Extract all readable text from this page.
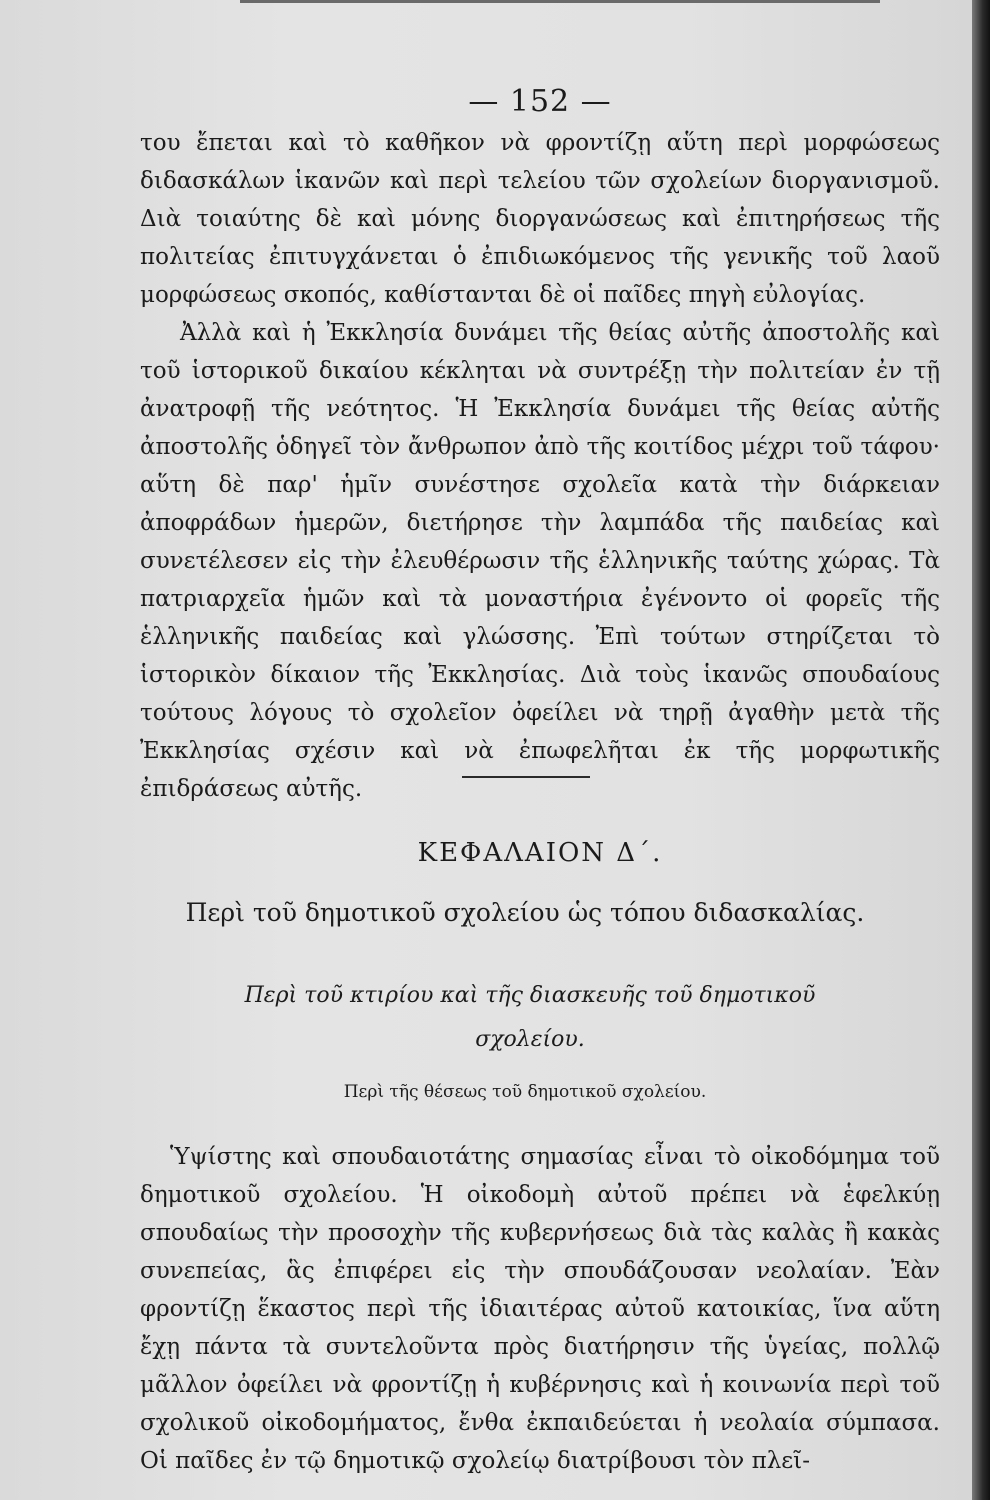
— 152 —
του ἔπεται καὶ τὸ καθῆκον νὰ φροντίζῃ αὕτη περὶ μορφώσεως διδασκάλων ἱκανῶν καὶ περὶ τελείου τῶν σχολείων διοργανισμοῦ. Διὰ τοιαύτης δὲ καὶ μόνης διοργανώσεως καὶ ἐπιτηρήσεως τῆς πολιτείας ἐπιτυγχάνεται ὁ ἐπιδιωκόμενος τῆς γενικῆς τοῦ λαοῦ μορφώσεως σκοπός, καθίστανται δὲ οἱ παῖδες πηγὴ εὐλογίας.
Ἀλλὰ καὶ ἡ Ἐκκλησία δυνάμει τῆς θείας αὐτῆς ἀποστολῆς καὶ τοῦ ἱστορικοῦ δικαίου κέκληται νὰ συντρέξῃ τὴν πολιτείαν ἐν τῇ ἀνατροφῇ τῆς νεότητος. Ἡ Ἐκκλησία δυνάμει τῆς θείας αὐτῆς ἀποστολῆς ὁδηγεῖ τὸν ἄνθρωπον ἀπὸ τῆς κοιτίδος μέχρι τοῦ τάφου· αὕτη δὲ παρ' ἡμῖν συνέστησε σχολεῖα κατὰ τὴν διάρκειαν ἀποφράδων ἡμερῶν, διετήρησε τὴν λαμπάδα τῆς παιδείας καὶ συνετέλεσεν εἰς τὴν ἐλευθέρωσιν τῆς ἑλληνικῆς ταύτης χώρας. Τὰ πατριαρχεῖα ἡμῶν καὶ τὰ μοναστήρια ἐγένοντο οἱ φορεῖς τῆς ἑλληνικῆς παιδείας καὶ γλώσσης. Ἐπὶ τούτων στηρίζεται τὸ ἱστορικὸν δίκαιον τῆς Ἐκκλησίας. Διὰ τοὺς ἱκανῶς σπουδαίους τούτους λόγους τὸ σχολεῖον ὀφείλει νὰ τηρῇ ἀγαθὴν μετὰ τῆς Ἐκκλησίας σχέσιν καὶ νὰ ἐπωφελῆται ἐκ τῆς μορφωτικῆς ἐπιδράσεως αὐτῆς.
ΚΕΦΑΛΑΙΟΝ Δ΄.
Περὶ τοῦ δημοτικοῦ σχολείου ὡς τόπου διδασκαλίας.
Περὶ τοῦ κτιρίου καὶ τῆς διασκευῆς τοῦ δημοτικοῦ σχολείου.
Περὶ τῆς θέσεως τοῦ δημοτικοῦ σχολείου.
Ὑψίστης καὶ σπουδαιοτάτης σημασίας εἶναι τὸ οἰκοδόμημα τοῦ δημοτικοῦ σχολείου. Ἡ οἰκοδομὴ αὐτοῦ πρέπει νὰ ἑφελκύῃ σπουδαίως τὴν προσοχὴν τῆς κυβερνήσεως διὰ τὰς καλὰς ἢ κακὰς συνεπείας, ἃς ἐπιφέρει εἰς τὴν σπουδάζουσαν νεολαίαν. Ἐὰν φροντίζῃ ἕκαστος περὶ τῆς ἰδιαιτέρας αὐτοῦ κατοικίας, ἵνα αὕτη ἔχῃ πάντα τὰ συντελοῦντα πρὸς διατήρησιν τῆς ὑγείας, πολλῷ μᾶλλον ὀφείλει νὰ φροντίζῃ ἡ κυβέρνησις καὶ ἡ κοινωνία περὶ τοῦ σχολικοῦ οἰκοδομήματος, ἔνθα ἐκπαιδεύεται ἡ νεολαία σύμπασα. Οἱ παῖδες ἐν τῷ δημοτικῷ σχολείῳ διατρίβουσι τὸν πλεῖ-
